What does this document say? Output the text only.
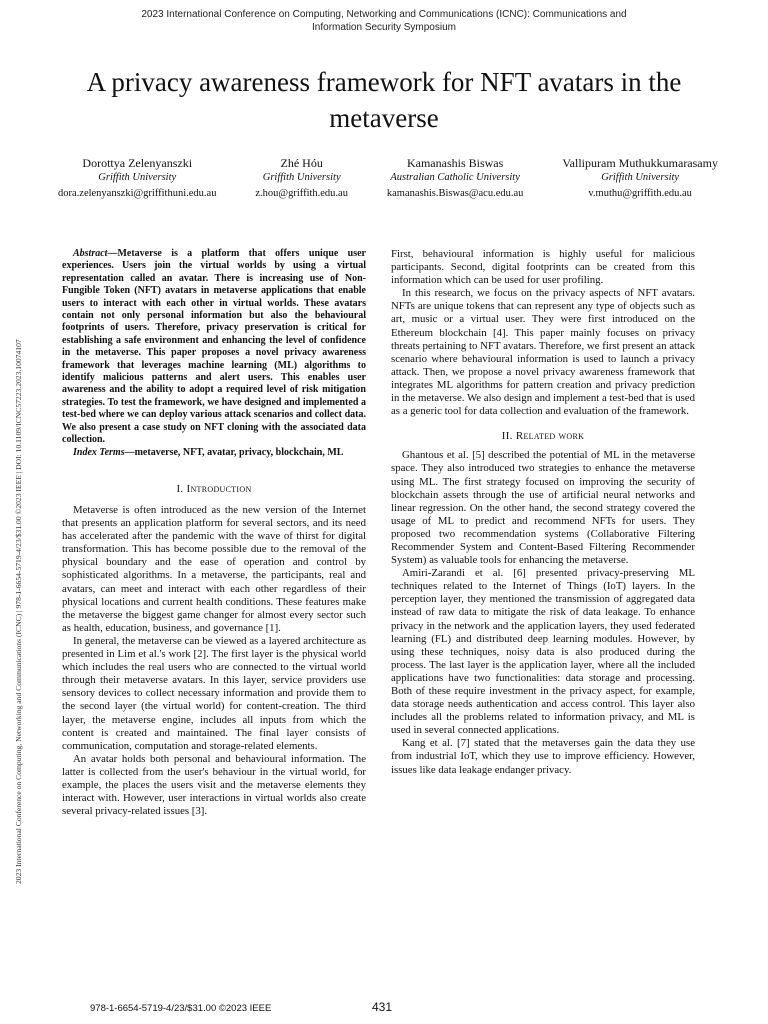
2023 International Conference on Computing, Networking and Communications (ICNC): Communications and
Information Security Symposium
2023 International Conference on Computing, Networking and Communications (ICNC) | 978-1-6654-5719-4/23/$31.00 ©2023 IEEE | DOI: 10.1109/ICNC57223.2023.10074107
A privacy awareness framework for NFT avatars in the metaverse
Dorottya Zelenyanszki
Griffith University
dora.zelenyanszki@griffithuni.edu.au
Zhé Hóu
Griffith University
z.hou@griffith.edu.au
Kamanashis Biswas
Australian Catholic University
kamanashis.Biswas@acu.edu.au
Vallipuram Muthukkumarasamy
Griffith University
v.muthu@griffith.edu.au

Abstract—Metaverse is a platform that offers unique user experiences. Users join the virtual worlds by using a virtual representation called an avatar. There is increasing use of Non-Fungible Token (NFT) avatars in metaverse applications that enable users to interact with each other in virtual worlds. These avatars contain not only personal information but also the behavioural footprints of users. Therefore, privacy preservation is critical for establishing a safe environment and enhancing the level of confidence in the metaverse. This paper proposes a novel privacy awareness framework that leverages machine learning (ML) algorithms to identify malicious patterns and alert users. This enables user awareness and the ability to adopt a required level of risk mitigation strategies. To test the framework, we have designed and implemented a test-bed where we can deploy various attack scenarios and collect data. We also present a case study on NFT cloning with the associated data collection.

Index Terms—metaverse, NFT, avatar, privacy, blockchain, ML

I. Introduction

Metaverse is often introduced as the new version of the Internet that presents an application platform for several sectors, and its need has accelerated after the pandemic with the wave of thirst for digital transformation. This has become possible due to the removal of the physical boundary and the ease of operation and control by sophisticated algorithms. In a metaverse, the participants, real and avatars, can meet and interact with each other regardless of their physical locations and current health conditions. These features make the metaverse the biggest game changer for almost every sector such as health, education, business, and governance [1].

In general, the metaverse can be viewed as a layered architecture as presented in Lim et al.'s work [2]. The first layer is the physical world which includes the real users who are connected to the virtual world through their metaverse avatars. In this layer, service providers use sensory devices to collect necessary information and provide them to the second layer (the virtual world) for content-creation. The third layer, the metaverse engine, includes all inputs from which the content is created and maintained. The final layer consists of communication, computation and storage-related elements.

An avatar holds both personal and behavioural information. The latter is collected from the user's behaviour in the virtual world, for example, the places the users visit and the metaverse elements they interact with. However, user interactions in virtual worlds also create several privacy-related issues [3].

First, behavioural information is highly useful for malicious participants. Second, digital footprints can be created from this information which can be used for user profiling.

In this research, we focus on the privacy aspects of NFT avatars. NFTs are unique tokens that can represent any type of objects such as art, music or a virtual user. They were first introduced on the Ethereum blockchain [4]. This paper mainly focuses on privacy threats pertaining to NFT avatars. Therefore, we first present an attack scenario where behavioural information is used to launch a privacy attack. Then, we propose a novel privacy awareness framework that integrates ML algorithms for pattern creation and privacy prediction in the metaverse. We also design and implement a test-bed that is used as a generic tool for data collection and evaluation of the framework.

II. Related work

Ghantous et al. [5] described the potential of ML in the metaverse space. They also introduced two strategies to enhance the metaverse using ML. The first strategy focused on improving the security of blockchain assets through the use of artificial neural networks and linear regression. On the other hand, the second strategy covered the usage of ML to predict and recommend NFTs for users. They proposed two recommendation systems (Collaborative Filtering Recommender System and Content-Based Filtering Recommender System) as valuable tools for enhancing the metaverse.

Amiri-Zarandi et al. [6] presented privacy-preserving ML techniques related to the Internet of Things (IoT) layers. In the perception layer, they mentioned the transmission of aggregated data instead of raw data to mitigate the risk of data leakage. To enhance privacy in the network and the application layers, they used federated learning (FL) and distributed deep learning modules. However, by using these techniques, noisy data is also produced during the process. The last layer is the application layer, where all the included applications have two functionalities: data storage and processing. Both of these require investment in the privacy aspect, for example, data storage needs authentication and access control. This layer also includes all the problems related to information privacy, and ML is used in several connected applications.

Kang et al. [7] stated that the metaverses gain the data they use from industrial IoT, which they use to improve efficiency. However, issues like data leakage endanger privacy.

978-1-6654-5719-4/23/$31.00 ©2023 IEEE	431
